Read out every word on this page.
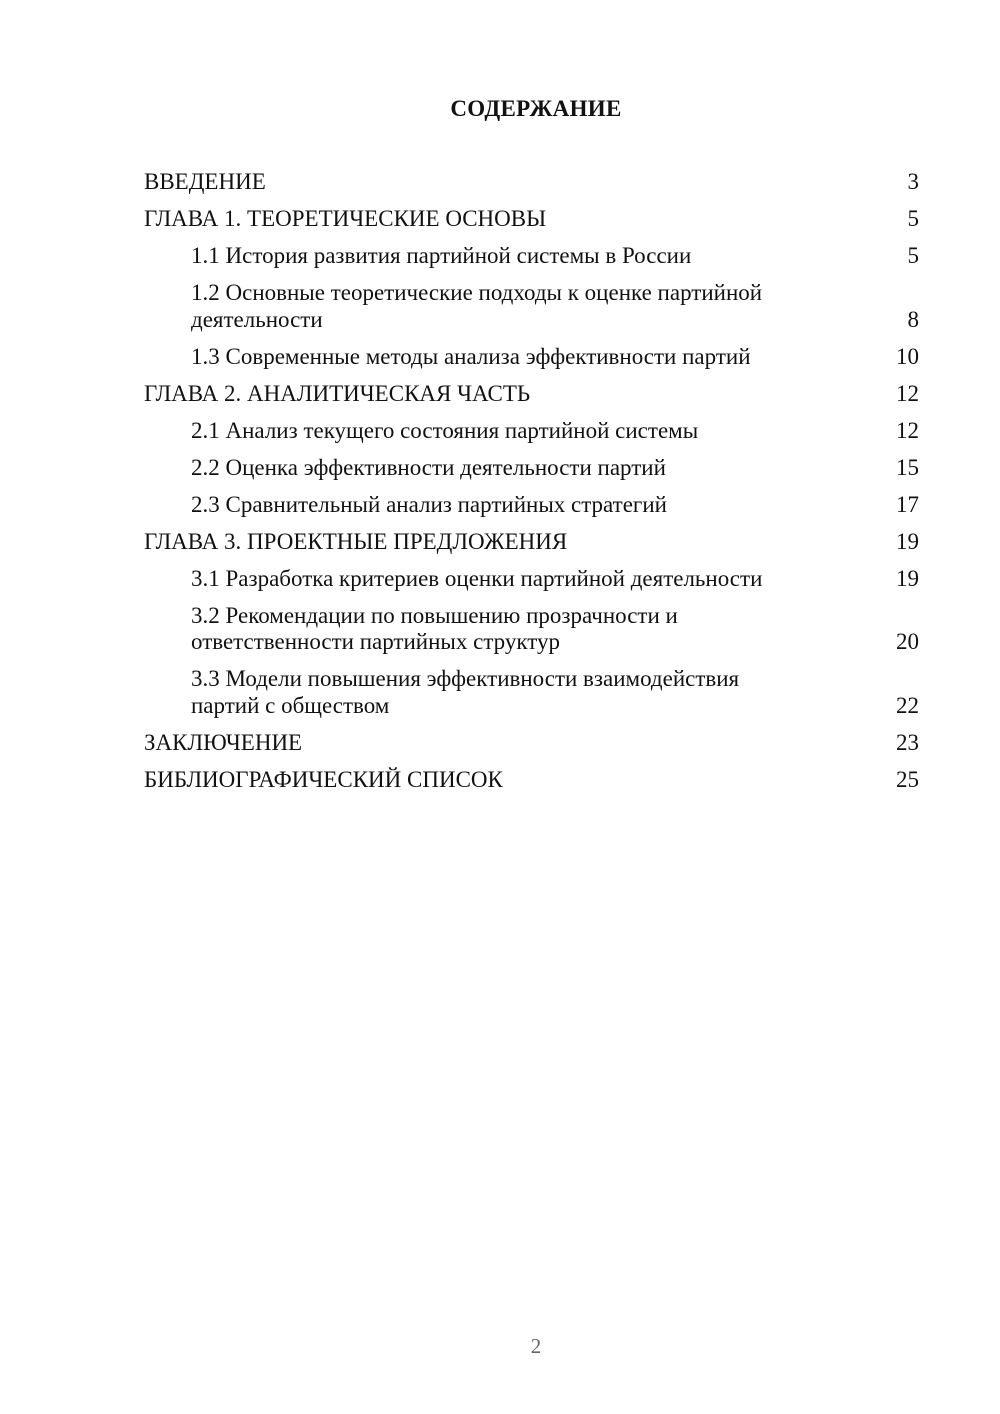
СОДЕРЖАНИЕ
ВВЕДЕНИЕ	3
ГЛАВА 1. ТЕОРЕТИЧЕСКИЕ ОСНОВЫ	5
1.1 История развития партийной системы в России	5
1.2 Основные теоретические подходы к оценке партийной деятельности	8
1.3 Современные методы анализа эффективности партий	10
ГЛАВА 2. АНАЛИТИЧЕСКАЯ ЧАСТЬ	12
2.1 Анализ текущего состояния партийной системы	12
2.2 Оценка эффективности деятельности партий	15
2.3 Сравнительный анализ партийных стратегий	17
ГЛАВА 3. ПРОЕКТНЫЕ ПРЕДЛОЖЕНИЯ	19
3.1 Разработка критериев оценки партийной деятельности	19
3.2 Рекомендации по повышению прозрачности и ответственности партийных структур	20
3.3 Модели повышения эффективности взаимодействия партий с обществом	22
ЗАКЛЮЧЕНИЕ	23
БИБЛИОГРАФИЧЕСКИЙ СПИСОК	25
2
